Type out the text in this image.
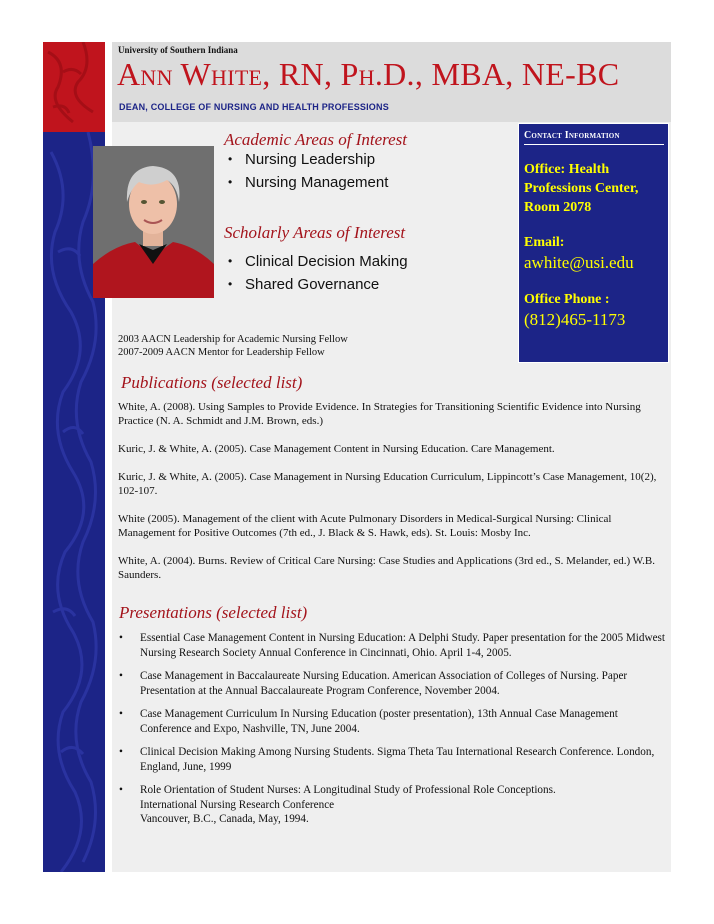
University of Southern Indiana
Ann White, RN, Ph.D., MBA, NE-BC
DEAN, COLLEGE OF NURSING AND HEALTH PROFESSIONS
Academic Areas of Interest
• Nursing Leadership
• Nursing Management
Scholarly Areas of Interest
• Clinical Decision Making
• Shared Governance
Contact Information
Office: Health Professions Center, Room 2078
Email:
awhite@usi.edu
Office Phone :
(812)465-1173
2003 AACN Leadership for Academic Nursing Fellow
2007-2009 AACN Mentor for Leadership Fellow
Publications (selected list)

White, A. (2008). Using Samples to Provide Evidence. In Strategies for Transitioning Scientific Evidence into Nursing Practice (N. A. Schmidt and J.M. Brown, eds.)

Kuric, J. & White, A. (2005). Case Management Content in Nursing Education. Care Management.

Kuric, J. & White, A. (2005). Case Management in Nursing Education Curriculum, Lippincott’s Case Management, 10(2), 102-107.

White (2005). Management of the client with Acute Pulmonary Disorders in Medical-Surgical Nursing: Clinical Management for Positive Outcomes (7th ed., J. Black & S. Hawk, eds). St. Louis: Mosby Inc.

White, A. (2004). Burns. Review of Critical Care Nursing: Case Studies and Applications (3rd ed., S. Melander, ed.) W.B. Saunders.

Presentations (selected list)
• Essential Case Management Content in Nursing Education: A Delphi Study. Paper presentation for the 2005 Midwest Nursing Research Society Annual Conference in Cincinnati, Ohio. April 1-4, 2005.
• Case Management in Baccalaureate Nursing Education. American Association of Colleges of Nursing. Paper Presentation at the Annual Baccalaureate Program Conference, November 2004.
• Case Management Curriculum In Nursing Education (poster presentation), 13th Annual Case Management Conference and Expo, Nashville, TN, June 2004.
• Clinical Decision Making Among Nursing Students. Sigma Theta Tau International Research Conference. London, England, June, 1999
• Role Orientation of Student Nurses: A Longitudinal Study of Professional Role Conceptions.
International Nursing Research Conference
Vancouver, B.C., Canada, May, 1994.
